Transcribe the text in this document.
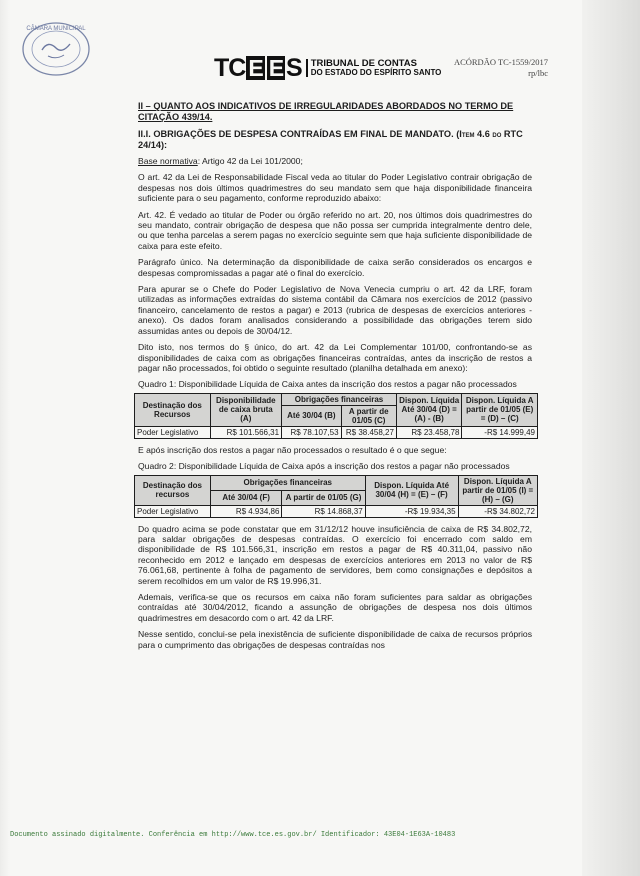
CÂMARA MUNICIPAL
TC E E S TRIBUNAL DE CONTAS
DO ESTADO DO ESPÍRITO SANTO
ACÓRDÃO TC-1559/2017
rp/lbc
II – QUANTO AOS INDICATIVOS DE IRREGULARIDADES ABORDADOS NO TERMO DE CITAÇÃO 439/14.
II.I. OBRIGAÇÕES DE DESPESA CONTRAÍDAS EM FINAL DE MANDATO. (Item 4.6 do RTC 24/14):

Base normativa: Artigo 42 da Lei 101/2000;

O art. 42 da Lei de Responsabilidade Fiscal veda ao titular do Poder Legislativo contrair obrigação de despesas nos dois últimos quadrimestres do seu mandato sem que haja disponibilidade financeira suficiente para o seu pagamento, conforme reproduzido abaixo:

Art. 42. É vedado ao titular de Poder ou órgão referido no art. 20, nos últimos dois quadrimestres do seu mandato, contrair obrigação de despesa que não possa ser cumprida integralmente dentro dele, ou que tenha parcelas a serem pagas no exercício seguinte sem que haja suficiente disponibilidade de caixa para este efeito.

Parágrafo único. Na determinação da disponibilidade de caixa serão considerados os encargos e despesas compromissadas a pagar até o final do exercício.

Para apurar se o Chefe do Poder Legislativo de Nova Venecia cumpriu o art. 42 da LRF, foram utilizadas as informações extraídas do sistema contábil da Câmara nos exercícios de 2012 (passivo financeiro, cancelamento de restos a pagar) e 2013 (rubrica de despesas de exercícios anteriores - anexo). Os dados foram analisados considerando a possibilidade das obrigações terem sido assumidas antes ou depois de 30/04/12.

Dito isto, nos termos do § único, do art. 42 da Lei Complementar 101/00, confrontando-se as disponibilidades de caixa com as obrigações financeiras contraídas, antes da inscrição de restos a pagar não processados, foi obtido o seguinte resultado (planilha detalhada em anexo):

Quadro 1: Disponibilidade Líquida de Caixa antes da inscrição dos restos a pagar não processados

Destinação dos Recursos	Disponibilidade de caixa bruta (A)	Obrigações financeiras		Dispon. Líquida Até 30/04 (D) = (A) - (B)	Dispon. Líquida A partir de 01/05 (E) = (D) – (C)
		Até 30/04 (B)	A partir de 01/05 (C)		
Poder Legislativo	R$ 101.566,31	R$ 78.107,53	R$ 38.458,27	R$ 23.458,78	-R$ 14.999,49

E após inscrição dos restos a pagar não processados o resultado é o que segue:

Quadro 2: Disponibilidade Líquida de Caixa após a inscrição dos restos a pagar não processados

Destinação dos recursos	Obrigações financeiras		Dispon. Líquida Até 30/04 (H) = (E) – (F)	Dispon. Líquida A partir de 01/05 (I) = (H) – (G)
	Até 30/04 (F)	A partir de 01/05 (G)		
Poder Legislativo	R$ 4.934,86	R$ 14.868,37	-R$ 19.934,35	-R$ 34.802,72

Do quadro acima se pode constatar que em 31/12/12 houve insuficiência de caixa de R$ 34.802,72, para saldar obrigações de despesas contraídas. O exercício foi encerrado com saldo em disponibilidade de R$ 101.566,31, inscrição em restos a pagar de R$ 40.311,04, passivo não reconhecido em 2012 e lançado em despesas de exercícios anteriores em 2013 no valor de R$ 76.061,68, pertinente à folha de pagamento de servidores, bem como consignações e depósitos a serem recolhidos em um valor de R$ 19.996,31.

Ademais, verifica-se que os recursos em caixa não foram suficientes para saldar as obrigações contraídas até 30/04/2012, ficando a assunção de obrigações de despesa nos dois últimos quadrimestres em desacordo com o art. 42 da LRF.

Nesse sentido, conclui-se pela inexistência de suficiente disponibilidade de caixa de recursos próprios para o cumprimento das obrigações de despesas contraídas nos

Documento assinado digitalmente. Conferência em http://www.tce.es.gov.br/ Identificador: 43E04-1E63A-10483
